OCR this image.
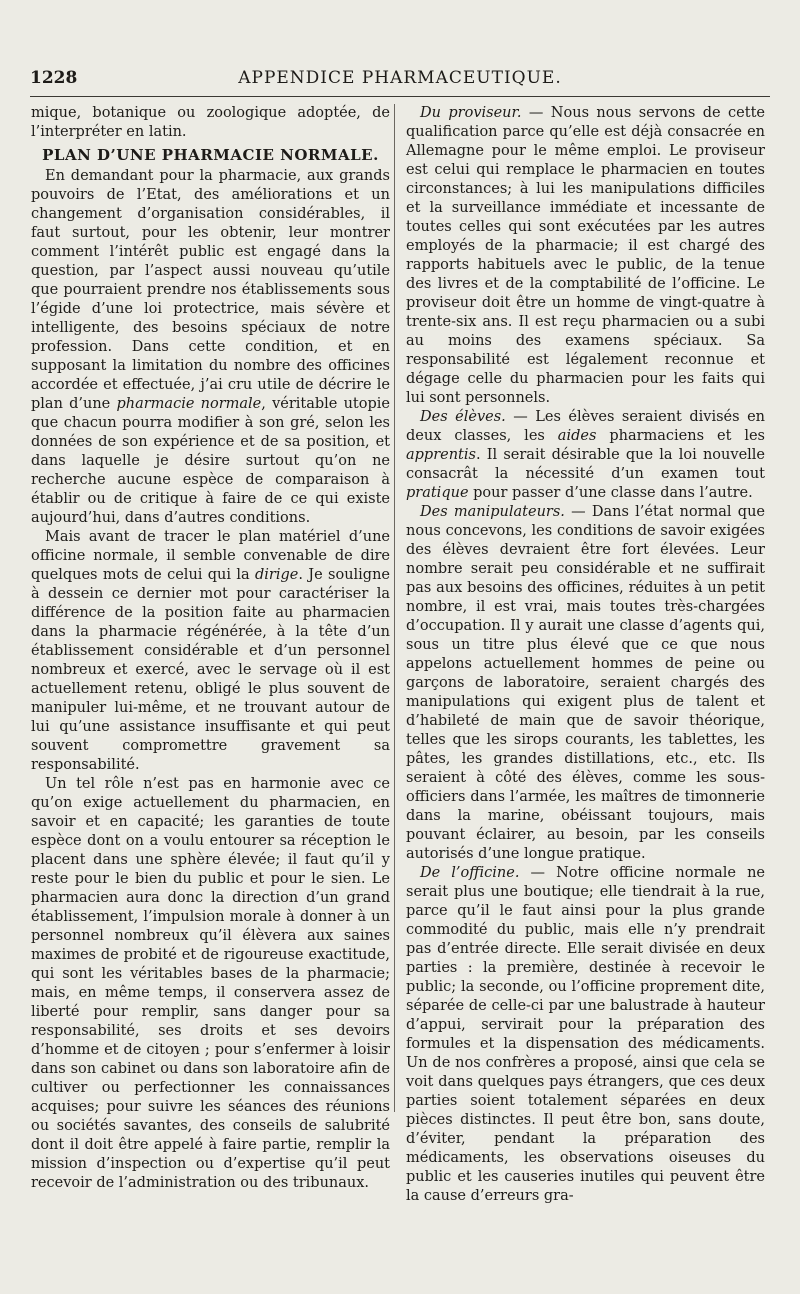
1228	APPENDICE PHARMACEUTIQUE.

mique, botanique ou zoologique adoptée, de l’interpréter en latin.

PLAN D’UNE PHARMACIE NORMALE.

En demandant pour la pharmacie, aux grands pouvoirs de l’Etat, des améliorations et un changement d’organisation considérables, il faut surtout, pour les obtenir, leur montrer comment l’intérêt public est engagé dans la question, par l’aspect aussi nouveau qu’utile que pourraient prendre nos établissements sous l’égide d’une loi protectrice, mais sévère et intelligente, des besoins spéciaux de notre profession. Dans cette condition, et en supposant la limitation du nombre des officines accordée et effectuée, j’ai cru utile de décrire le plan d’une pharmacie normale, véritable utopie que chacun pourra modifier à son gré, selon les données de son expérience et de sa position, et dans laquelle je désire surtout qu’on ne recherche aucune espèce de comparaison à établir ou de critique à faire de ce qui existe aujourd’hui, dans d’autres conditions.

Mais avant de tracer le plan matériel d’une officine normale, il semble convenable de dire quelques mots de celui qui la dirige. Je souligne à dessein ce dernier mot pour caractériser la différence de la position faite au pharmacien dans la pharmacie régénérée, à la tête d’un établissement considérable et d’un personnel nombreux et exercé, avec le servage où il est actuellement retenu, obligé le plus souvent de manipuler lui-même, et ne trouvant autour de lui qu’une assistance insuffisante et qui peut souvent compromettre gravement sa responsabilité.

Un tel rôle n’est pas en harmonie avec ce qu’on exige actuellement du pharmacien, en savoir et en capacité; les garanties de toute espèce dont on a voulu entourer sa réception le placent dans une sphère élevée; il faut qu’il y reste pour le bien du public et pour le sien. Le pharmacien aura donc la direction d’un grand établissement, l’impulsion morale à donner à un personnel nombreux qu’il élèvera aux saines maximes de probité et de rigoureuse exactitude, qui sont les véritables bases de la pharmacie; mais, en même temps, il conservera assez de liberté pour remplir, sans danger pour sa responsabilité, ses droits et ses devoirs d’homme et de citoyen ; pour s’enfermer à loisir dans son cabinet ou dans son laboratoire afin de cultiver ou perfectionner les connaissances acquises; pour suivre les séances des réunions ou sociétés savantes, des conseils de salubrité dont il doit être appelé à faire partie, remplir la mission d’inspection ou d’expertise qu’il peut recevoir de l’administration ou des tribunaux.

Du proviseur. — Nous nous servons de cette qualification parce qu’elle est déjà consacrée en Allemagne pour le même emploi. Le proviseur est celui qui remplace le pharmacien en toutes circonstances; à lui les manipulations difficiles et la surveillance immédiate et incessante de toutes celles qui sont exécutées par les autres employés de la pharmacie; il est chargé des rapports habituels avec le public, de la tenue des livres et de la comptabilité de l’officine. Le proviseur doit être un homme de vingt-quatre à trente-six ans. Il est reçu pharmacien ou a subi au moins des examens spéciaux. Sa responsabilité est légalement reconnue et dégage celle du pharmacien pour les faits qui lui sont personnels.

Des élèves. — Les élèves seraient divisés en deux classes, les aides pharmaciens et les apprentis. Il serait désirable que la loi nouvelle consacrât la nécessité d’un examen tout pratique pour passer d’une classe dans l’autre.

Des manipulateurs. — Dans l’état normal que nous concevons, les conditions de savoir exigées des élèves devraient être fort élevées. Leur nombre serait peu considérable et ne suffirait pas aux besoins des officines, réduites à un petit nombre, il est vrai, mais toutes très-chargées d’occupation. Il y aurait une classe d’agents qui, sous un titre plus élevé que ce que nous appelons actuellement hommes de peine ou garçons de laboratoire, seraient chargés des manipulations qui exigent plus de talent et d’habileté de main que de savoir théorique, telles que les sirops courants, les tablettes, les pâtes, les grandes distillations, etc., etc. Ils seraient à côté des élèves, comme les sous-officiers dans l’armée, les maîtres de timonnerie dans la marine, obéissant toujours, mais pouvant éclairer, au besoin, par les conseils autorisés d’une longue pratique.

De l’officine. — Notre officine normale ne serait plus une boutique; elle tiendrait à la rue, parce qu’il le faut ainsi pour la plus grande commodité du public, mais elle n’y prendrait pas d’entrée directe. Elle serait divisée en deux parties : la première, destinée à recevoir le public; la seconde, ou l’officine proprement dite, séparée de celle-ci par une balustrade à hauteur d’appui, servirait pour la préparation des formules et la dispensation des médicaments. Un de nos confrères a proposé, ainsi que cela se voit dans quelques pays étrangers, que ces deux parties soient totalement séparées en deux pièces distinctes. Il peut être bon, sans doute, d’éviter, pendant la préparation des médicaments, les observations oiseuses du public et les causeries inutiles qui peuvent être la cause d’erreurs gra-
